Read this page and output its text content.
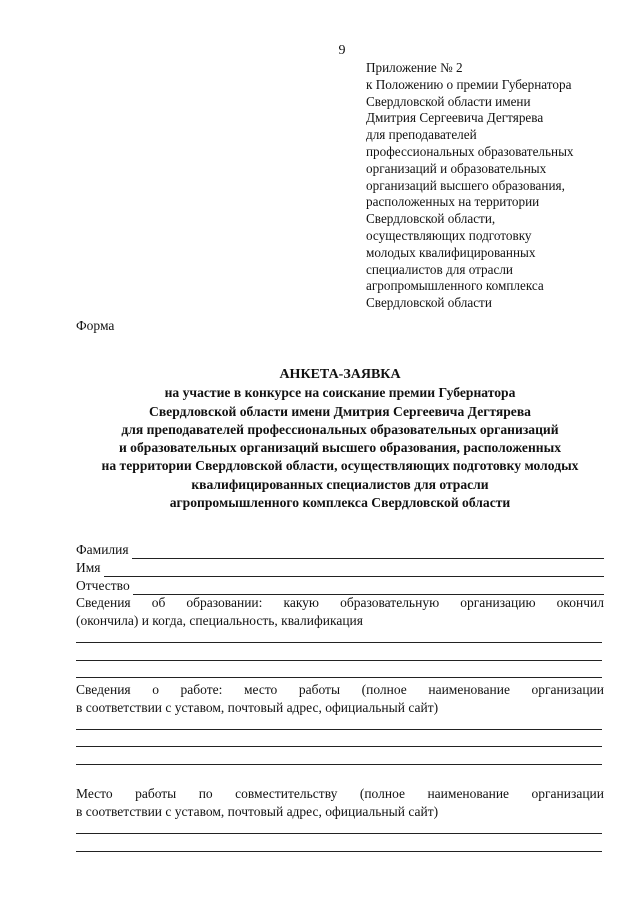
9
Приложение № 2
к Положению о премии Губернатора
Свердловской области имени
Дмитрия Сергеевича Дегтярева
для преподавателей
профессиональных образовательных
организаций и образовательных
организаций высшего образования,
расположенных на территории
Свердловской области,
осуществляющих подготовку
молодых квалифицированных
специалистов для отрасли
агропромышленного комплекса
Свердловской области
Форма
АНКЕТА-ЗАЯВКА
на участие в конкурсе на соискание премии Губернатора
Свердловской области имени Дмитрия Сергеевича Дегтярева
для преподавателей профессиональных образовательных организаций
и образовательных организаций высшего образования, расположенных
на территории Свердловской области, осуществляющих подготовку молодых
квалифицированных специалистов для отрасли
агропромышленного комплекса Свердловской области
Фамилия
Имя
Отчество
Сведения об образовании: какую образовательную организацию окончил
(окончила) и когда, специальность, квалификация
Сведения о работе: место работы (полное наименование организации
в соответствии с уставом, почтовый адрес, официальный сайт)
Место работы по совместительству (полное наименование организации
в соответствии с уставом, почтовый адрес, официальный сайт)
